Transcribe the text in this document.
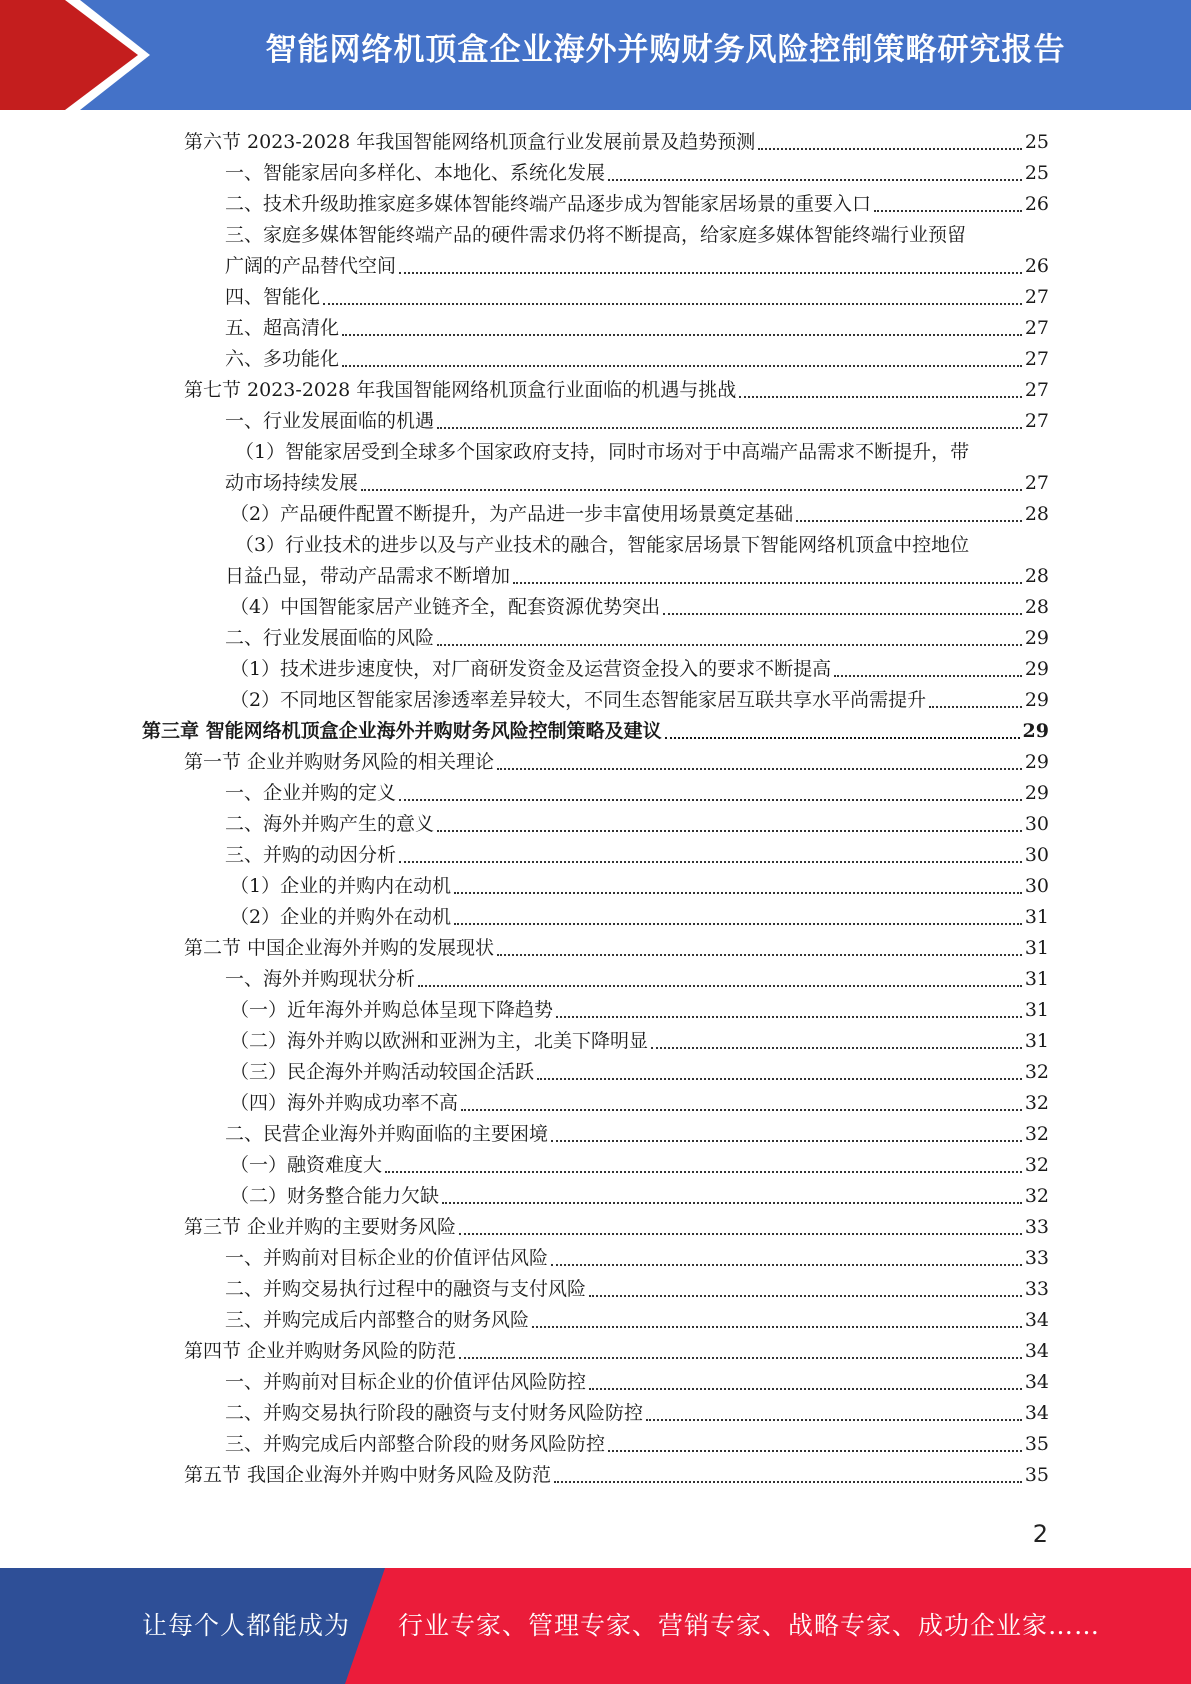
智能网络机顶盒企业海外并购财务风险控制策略研究报告
第六节 2023-2028 年我国智能网络机顶盒行业发展前景及趋势预测	25
一、智能家居向多样化、本地化、系统化发展	25
二、技术升级助推家庭多媒体智能终端产品逐步成为智能家居场景的重要入口	26
三、家庭多媒体智能终端产品的硬件需求仍将不断提高，给家庭多媒体智能终端行业预留
广阔的产品替代空间	26
四、智能化	27
五、超高清化	27
六、多功能化	27
第七节 2023-2028 年我国智能网络机顶盒行业面临的机遇与挑战	27
一、行业发展面临的机遇	27
（1）智能家居受到全球多个国家政府支持，同时市场对于中高端产品需求不断提升，带
动市场持续发展	27
（2）产品硬件配置不断提升，为产品进一步丰富使用场景奠定基础	28
（3）行业技术的进步以及与产业技术的融合，智能家居场景下智能网络机顶盒中控地位
日益凸显，带动产品需求不断增加	28
（4）中国智能家居产业链齐全，配套资源优势突出	28
二、行业发展面临的风险	29
（1）技术进步速度快，对厂商研发资金及运营资金投入的要求不断提高	29
（2）不同地区智能家居渗透率差异较大，不同生态智能家居互联共享水平尚需提升	29
第三章 智能网络机顶盒企业海外并购财务风险控制策略及建议	29
第一节 企业并购财务风险的相关理论	29
一、企业并购的定义	29
二、海外并购产生的意义	30
三、并购的动因分析	30
（1）企业的并购内在动机	30
（2）企业的并购外在动机	31
第二节 中国企业海外并购的发展现状	31
一、海外并购现状分析	31
（一）近年海外并购总体呈现下降趋势	31
（二）海外并购以欧洲和亚洲为主，北美下降明显	31
（三）民企海外并购活动较国企活跃	32
（四）海外并购成功率不高	32
二、民营企业海外并购面临的主要困境	32
（一）融资难度大	32
（二）财务整合能力欠缺	32
第三节 企业并购的主要财务风险	33
一、并购前对目标企业的价值评估风险	33
二、并购交易执行过程中的融资与支付风险	33
三、并购完成后内部整合的财务风险	34
第四节 企业并购财务风险的防范	34
一、并购前对目标企业的价值评估风险防控	34
二、并购交易执行阶段的融资与支付财务风险防控	34
三、并购完成后内部整合阶段的财务风险防控	35
第五节 我国企业海外并购中财务风险及防范	35
2
让每个人都能成为 行业专家、管理专家、营销专家、战略专家、成功企业家……
